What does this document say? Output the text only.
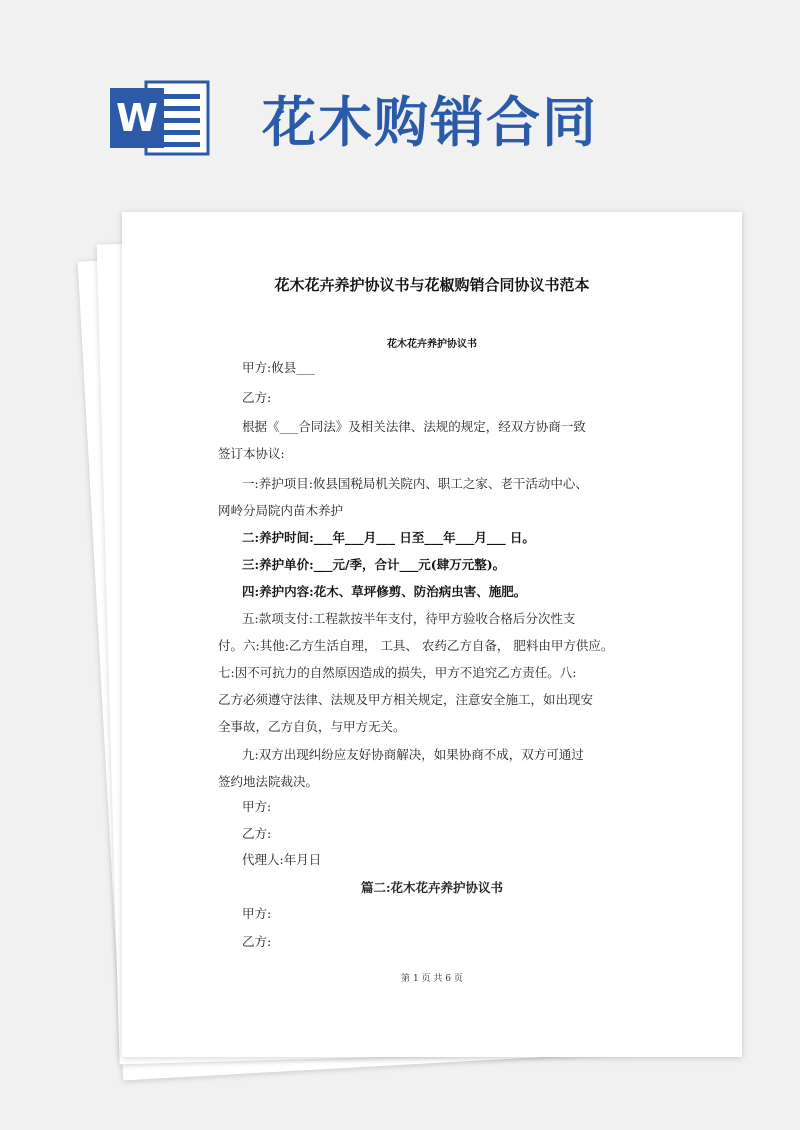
W 花木购销合同
花木花卉养护协议书与花椒购销合同协议书范本
花木花卉养护协议书
甲方:攸县___
乙方:
根据《___合同法》及相关法律、法规的规定，经双方协商一致
签订本协议:
一:养护项目:攸县国税局机关院内、职工之家、老干活动中心、
网岭分局院内苗木养护
二:养护时间:___年___月___ 日至___年___月___ 日。
三:养护单价:___元/季，合计___元(肆万元整)。
四:养护内容:花木、草坪修剪、防治病虫害、施肥。
五:款项支付:工程款按半年支付，待甲方验收合格后分次性支
付。六:其他:乙方生活自理， 工具、 农药乙方自备， 肥料由甲方供应。
七:因不可抗力的自然原因造成的损失，甲方不追究乙方责任。八:
乙方必须遵守法律、法规及甲方相关规定，注意安全施工，如出现安
全事故，乙方自负，与甲方无关。
九:双方出现纠纷应友好协商解决，如果协商不成，双方可通过
签约地法院裁决。
甲方:
乙方:
代理人:年月日
篇二:花木花卉养护协议书
甲方:
乙方:
第 1 页 共 6 页
